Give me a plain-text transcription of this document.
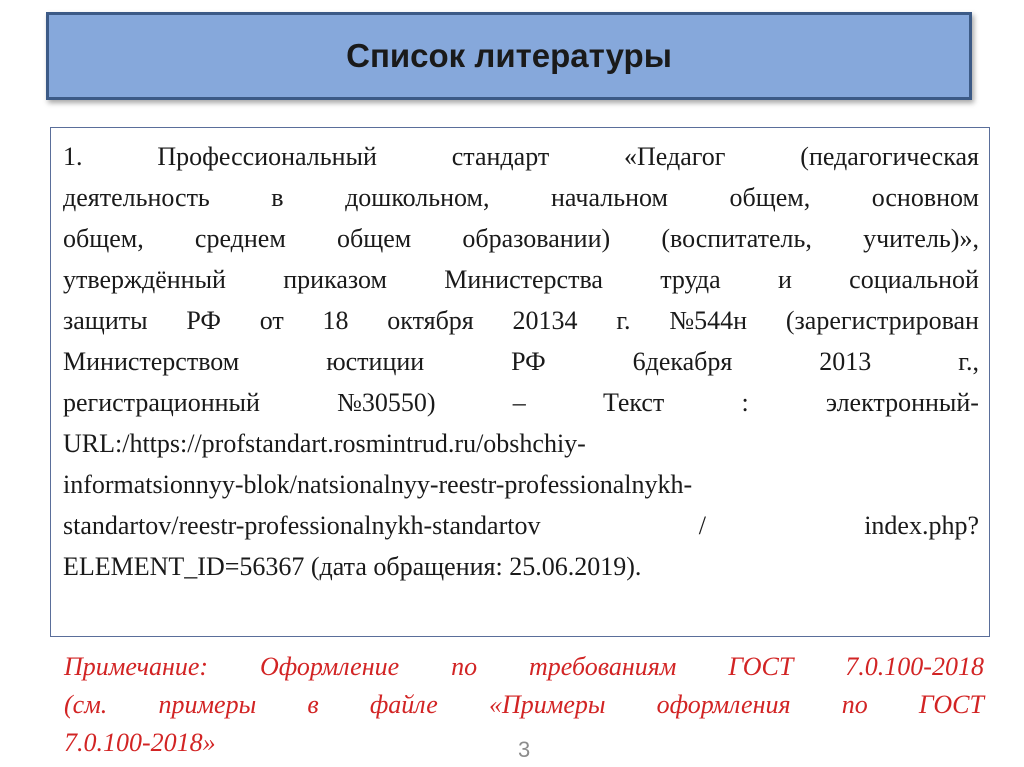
Список литературы
1.	Профессиональный	стандарт	«Педагог	(педагогическая
деятельность в дошкольном, начальном общем, основном
общем, среднем общем образовании) (воспитатель, учитель)»,
утверждённый приказом Министерства труда и социальной
защиты РФ от 18 октября 20134 г. №544н (зарегистрирован
Министерством	юстиции	РФ	6декабря	2013	г.,
регистрационный	№30550)	–	Текст	:	электронный-
URL:/https://profstandart.rosmintrud.ru/obshchiy-
informatsionnyy-blok/natsionalnyy-reestr-professionalnykh-
standartov/reestr-professionalnykh-standartov	/	index.php?
ELEMENT_ID=56367 (дата обращения: 25.06.2019).
Примечание: Оформление по требованиям ГОСТ 7.0.100-2018
(см. примеры в файле «Примеры оформления по ГОСТ
7.0.100-2018»	3
